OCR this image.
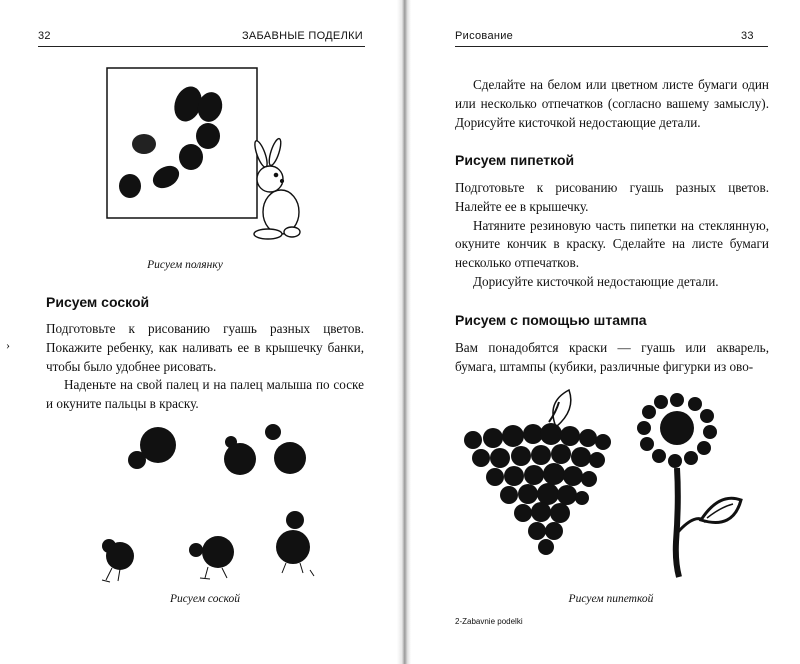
32	ЗАБАВНЫЕ ПОДЕЛКИ
Рисуем полянку
Рисуем соской

Подготовьте к рисованию гуашь разных цветов. Покажите ребенку, как наливать ее в крышечку банки, чтобы было удобнее рисовать.

Наденьте на свой палец и на палец малыша по соске и окуните пальцы в краску.

Рисуем соской
›
Рисование	33

Сделайте на белом или цветном листе бумаги один или несколько отпечатков (согласно вашему замыслу). Дорисуйте кисточкой недостающие детали.

Рисуем пипеткой

Подготовьте к рисованию гуашь разных цветов. Налейте ее в крышечку.

Натяните резиновую часть пипетки на стеклянную, окуните кончик в краску. Сделайте на листе бумаги несколько отпечатков.

Дорисуйте кисточкой недостающие детали.

Рисуем с помощью штампа

Вам понадобятся краски — гуашь или акварель, бумага, штампы (кубики, различные фигурки из ово-

Рисуем пипеткой
2-Zabavnie podelki
